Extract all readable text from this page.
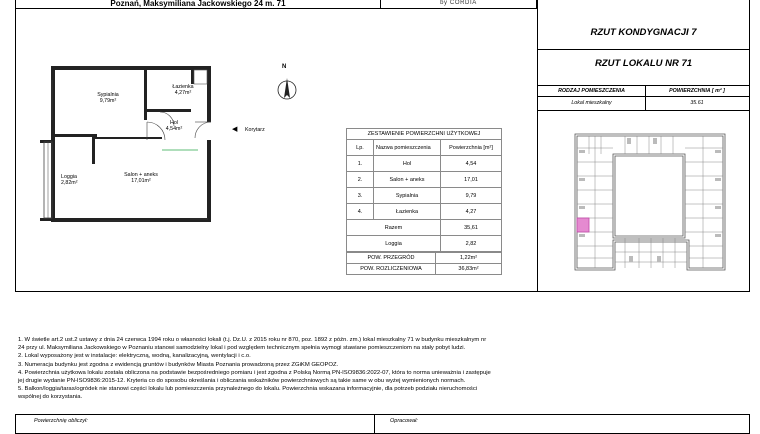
Poznań, Maksymiliana Jackowskiego 24 m. 71	by CORDIA
RZUT KONDYGNACJI 7
RZUT LOKALU NR 71
RODZAJ POMIESZCZENIA	POWIERZCHNIA [ m² ]
Lokal mieszkalny	35.61
Sypialnia
9,79m²
Łazienka
4,27m²
Hol
4,54m²
Salon + aneks
17,01m²
Loggia
2,82m²
◀ Korytarz
N
ZESTAWIENIE POWIERZCHNI UŻYTKOWEJ		
Lp.	Nazwa pomieszczenia	Powierzchnia [m²]
1.	Hol	4,54
2.	Salon + aneks	17,01
3.	Sypialnia	9,79
4.	Łazienka	4,27
Razem		35,61
Loggia		2,82
POW. PRZEGRÓD	1,22m²
POW. ROZLICZENIOWA	36,83m²

1. W świetle art.2 ust.2 ustawy z dnia 24 czerwca 1994 roku o własności lokali (t.j. Dz.U. z 2015 roku nr 870, poz. 1892 z późn. zm.) lokal mieszkalny 71 w budynku mieszkalnym nr 24 przy ul. Maksymiliana Jackowskiego w Poznaniu stanowi samodzielny lokal i pod względem technicznym spełnia wymogi stawiane pomieszczeniom na stały pobyt ludzi.

2. Lokal wyposażony jest w instalacje: elektryczną, wodną, kanalizacyjną, wentylacji i c.o.

3. Numeracja budynku jest zgodna z ewidencją gruntów i budynków Miasta Poznania prowadzoną przez ZGiKM GEOPOZ.

4. Powierzchnia użytkowa lokalu została obliczona na podstawie bezpośredniego pomiaru i jest zgodna z Polską Normą PN-ISO9836:2022-07, która to norma unieważnia i zastępuje jej drugie wydanie PN-ISO9836:2015-12. Kryteria co do sposobu określania i obliczania wskaźników powierzchniowych są takie same w obu wyżej wymienionych normach.

5. Balkon/loggia/taras/ogródek nie stanowi części lokalu lub pomieszczenia przynależnego do lokalu. Powierzchnia wskazana informacyjnie, dla potrzeb podziału nieruchomości wspólnej do korzystania.

Powierzchnię obliczył:	Opracował:
